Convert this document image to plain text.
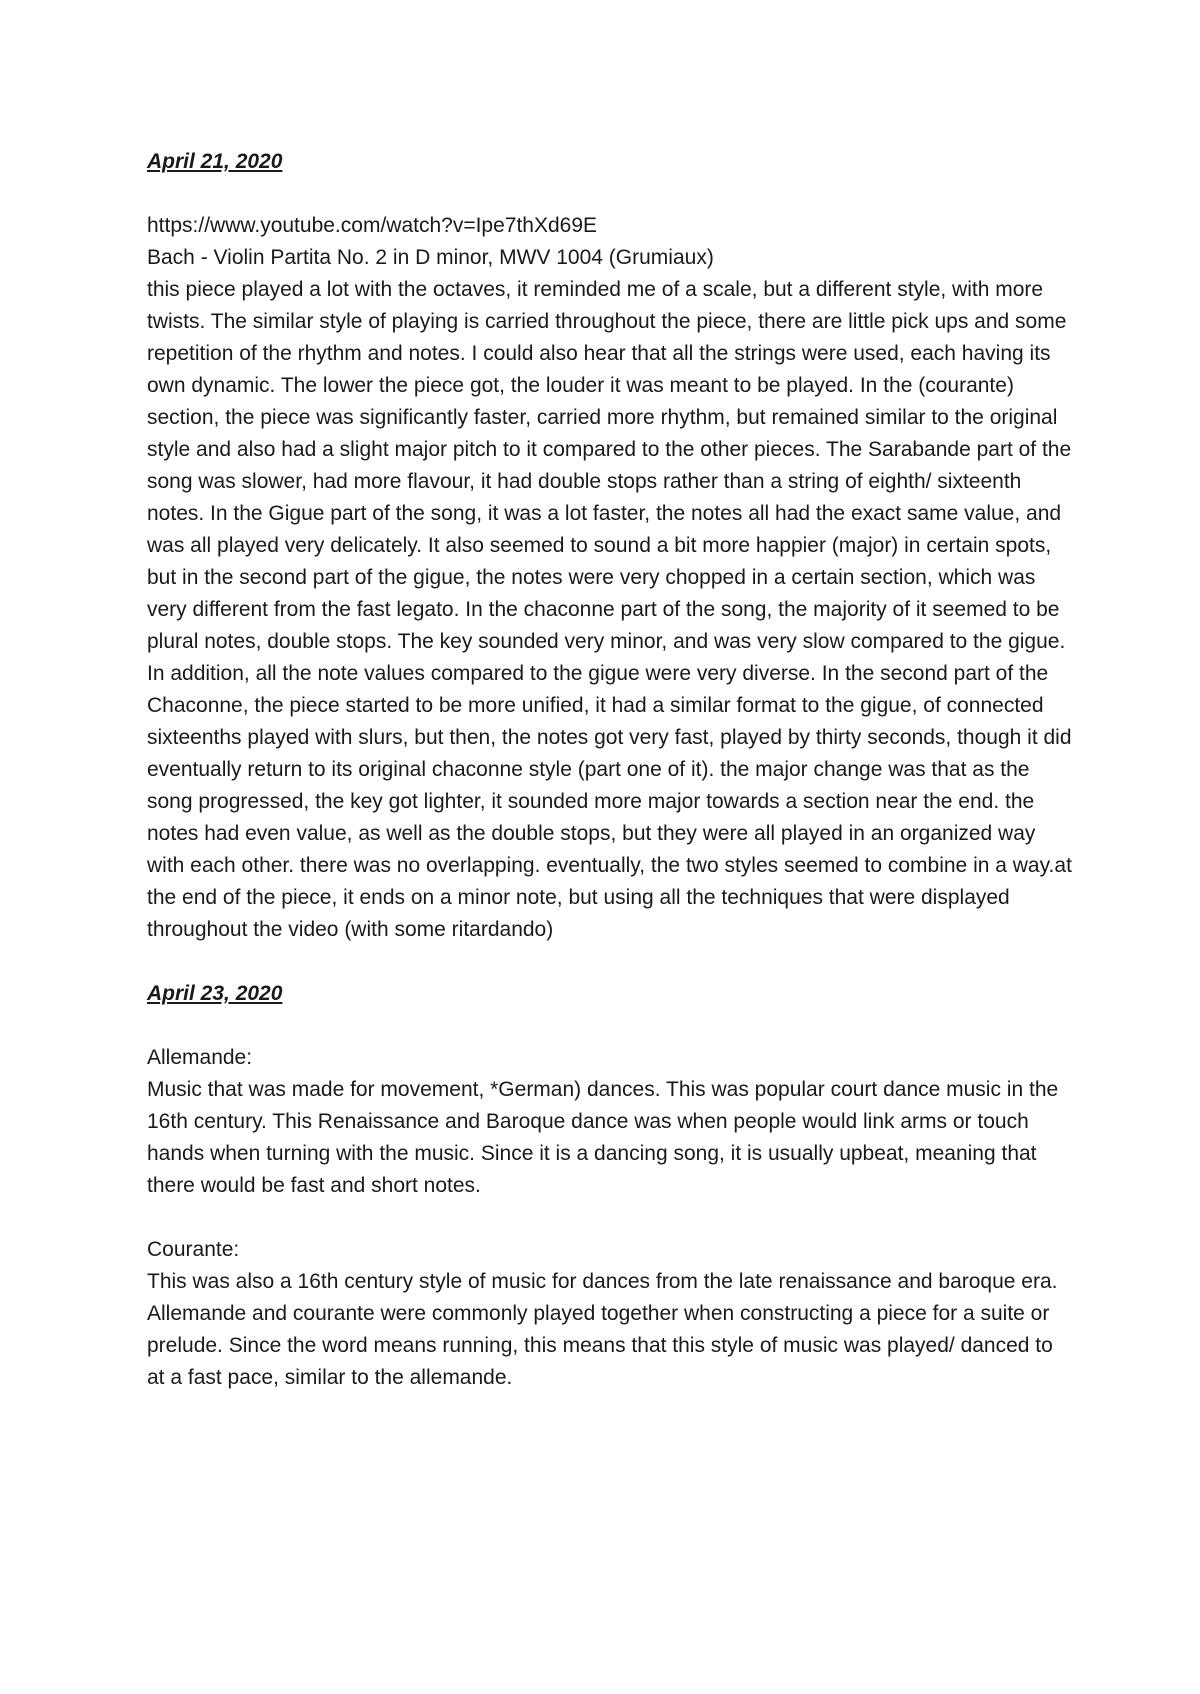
April 21, 2020

https://www.youtube.com/watch?v=Ipe7thXd69E

Bach - Violin Partita No. 2 in D minor, MWV 1004 (Grumiaux)

this piece played a lot with the octaves, it reminded me of a scale, but a different style, with more twists. The similar style of playing is carried throughout the piece, there are little pick ups and some repetition of the rhythm and notes. I could also hear that all the strings were used, each having its own dynamic. The lower the piece got, the louder it was meant to be played. In the (courante) section, the piece was significantly faster, carried more rhythm, but remained similar to the original style and also had a slight major pitch to it compared to the other pieces. The Sarabande part of the song was slower, had more flavour, it had double stops rather than a string of eighth/ sixteenth notes. In the Gigue part of the song, it was a lot faster, the notes all had the exact same value, and was all played very delicately. It also seemed to sound a bit more happier (major) in certain spots, but in the second part of the gigue, the notes were very chopped in a certain section, which was very different from the fast legato. In the chaconne part of the song, the majority of it seemed to be plural notes, double stops. The key sounded very minor, and was very slow compared to the gigue. In addition, all the note values compared to the gigue were very diverse. In the second part of the Chaconne, the piece started to be more unified, it had a similar format to the gigue, of connected sixteenths played with slurs, but then, the notes got very fast, played by thirty seconds, though it did eventually return to its original chaconne style (part one of it). the major change was that as the song progressed, the key got lighter, it sounded more major towards a section near the end. the notes had even value, as well as the double stops, but they were all played in an organized way with each other. there was no overlapping. eventually, the two styles seemed to combine in a way.at the end of the piece, it ends on a minor note, but using all the techniques that were displayed throughout the video (with some ritardando)

April 23, 2020

Allemande:

Music that was made for movement, *German) dances. This was popular court dance music in the 16th century. This Renaissance and Baroque dance was when people would link arms or touch hands when turning with the music. Since it is a dancing song, it is usually upbeat, meaning that there would be fast and short notes.

Courante:

This was also a 16th century style of music for dances from the late renaissance and baroque era. Allemande and courante were commonly played together when constructing a piece for a suite or prelude. Since the word means running, this means that this style of music was played/ danced to at a fast pace, similar to the allemande.
